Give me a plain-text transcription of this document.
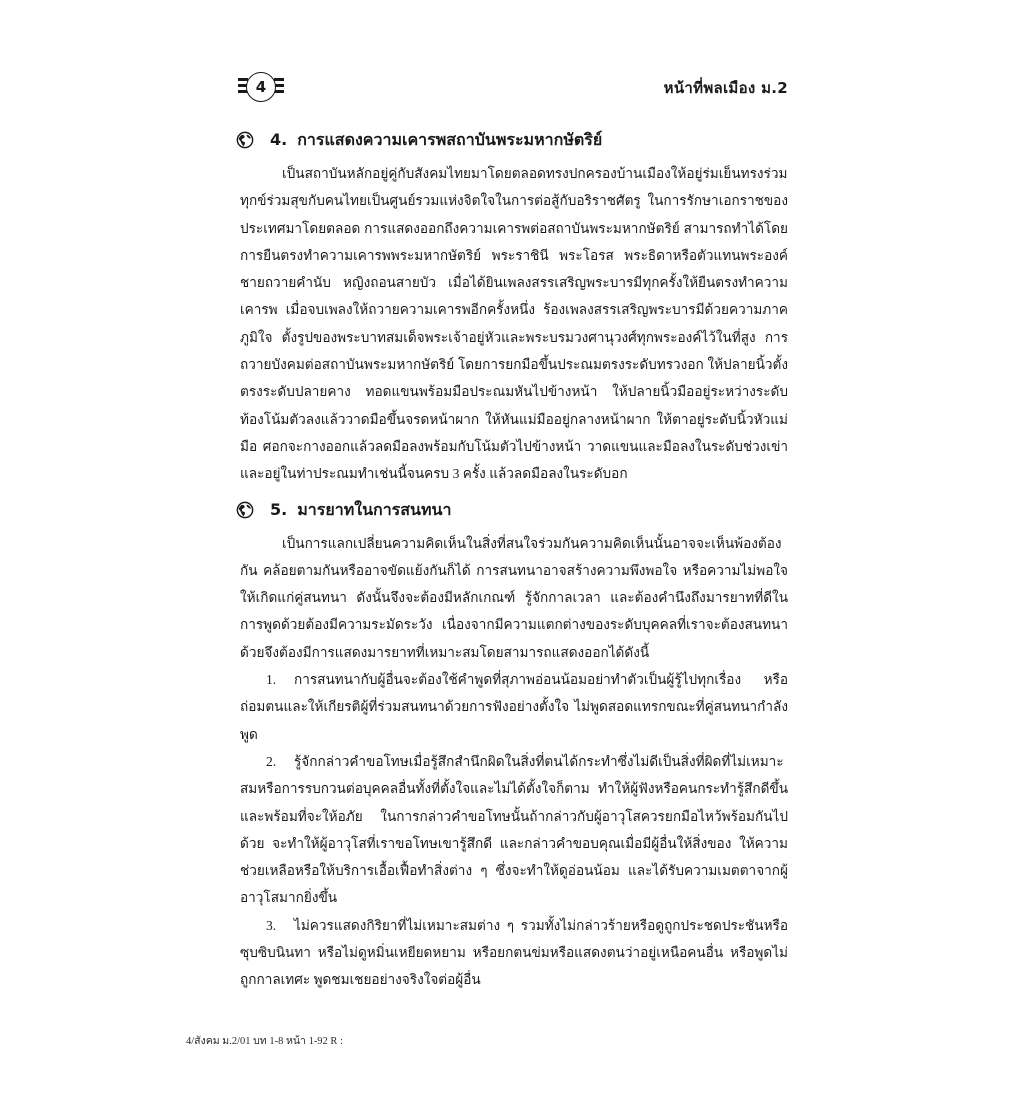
4	หน้าที่พลเมือง ม.2
4. การแสดงความเคารพสถาบันพระมหากษัตริย์

เป็นสถาบันหลักอยู่คู่กับสังคมไทยมาโดยตลอดทรงปกครองบ้านเมืองให้อยู่ร่มเย็นทรงร่วมทุกข์ร่วมสุขกับคนไทยเป็นศูนย์รวมแห่งจิตใจในการต่อสู้กับอริราชศัตรู ในการรักษาเอกราชของประเทศมาโดยตลอด การแสดงออกถึงความเคารพต่อสถาบันพระมหากษัตริย์ สามารถทำได้โดยการยืนตรงทำความเคารพพระมหากษัตริย์ พระราชินี พระโอรส พระธิดาหรือตัวแทนพระองค์ ชายถวายคำนับ หญิงถอนสายบัว เมื่อได้ยินเพลงสรรเสริญพระบารมีทุกครั้งให้ยืนตรงทำความเคารพ เมื่อจบเพลงให้ถวายความเคารพอีกครั้งหนึ่ง ร้องเพลงสรรเสริญพระบารมีด้วยความภาคภูมิใจ ตั้งรูปของพระบาทสมเด็จพระเจ้าอยู่หัวและพระบรมวงศานุวงศ์ทุกพระองค์ไว้ในที่สูง การถวายบังคมต่อสถาบันพระมหากษัตริย์ โดยการยกมือขึ้นประณมตรงระดับทรวงอก ให้ปลายนิ้วตั้งตรงระดับปลายคาง ทอดแขนพร้อมมือประณมหันไปข้างหน้า ให้ปลายนิ้วมืออยู่ระหว่างระดับท้องโน้มตัวลงแล้ววาดมือขึ้นจรดหน้าผาก ให้หันแม่มืออยู่กลางหน้าผาก ให้ตาอยู่ระดับนิ้วหัวแม่มือ ศอกจะกางออกแล้วลดมือลงพร้อมกับโน้มตัวไปข้างหน้า วาดแขนและมือลงในระดับช่วงเข่า และอยู่ในท่าประณมทำเช่นนี้จนครบ 3 ครั้ง แล้วลดมือลงในระดับอก

5. มารยาทในการสนทนา

เป็นการแลกเปลี่ยนความคิดเห็นในสิ่งที่สนใจร่วมกันความคิดเห็นนั้นอาจจะเห็นพ้องต้องกัน คล้อยตามกันหรืออาจขัดแย้งกันก็ได้ การสนทนาอาจสร้างความพึงพอใจ หรือความไม่พอใจให้เกิดแก่คู่สนทนา ดังนั้นจึงจะต้องมีหลักเกณฑ์ รู้จักกาลเวลา และต้องคำนึงถึงมารยาทที่ดีในการพูดด้วยต้องมีความระมัดระวัง เนื่องจากมีความแตกต่างของระดับบุคคลที่เราจะต้องสนทนาด้วยจึงต้องมีการแสดงมารยาทที่เหมาะสมโดยสามารถแสดงออกได้ดังนี้

1. การสนทนากับผู้อื่นจะต้องใช้คำพูดที่สุภาพอ่อนน้อมอย่าทำตัวเป็นผู้รู้ไปทุกเรื่อง หรือถ่อมตนและให้เกียรติผู้ที่ร่วมสนทนาด้วยการฟังอย่างตั้งใจ ไม่พูดสอดแทรกขณะที่คู่สนทนากำลังพูด

2. รู้จักกล่าวคำขอโทษเมื่อรู้สึกสำนึกผิดในสิ่งที่ตนได้กระทำซึ่งไม่ดีเป็นสิ่งที่ผิดที่ไม่เหมาะสมหรือการรบกวนต่อบุคคลอื่นทั้งที่ตั้งใจและไม่ได้ตั้งใจก็ตาม ทำให้ผู้ฟังหรือคนกระทำรู้สึกดีขึ้นและพร้อมที่จะให้อภัย ในการกล่าวคำขอโทษนั้นถ้ากล่าวกับผู้อาวุโสควรยกมือไหว้พร้อมกันไปด้วย จะทำให้ผู้อาวุโสที่เราขอโทษเขารู้สึกดี และกล่าวคำขอบคุณเมื่อมีผู้อื่นให้สิ่งของ ให้ความช่วยเหลือหรือให้บริการเอื้อเฟื้อทำสิ่งต่าง ๆ ซึ่งจะทำให้ดูอ่อนน้อม และได้รับความเมตตาจากผู้อาวุโสมากยิ่งขึ้น

3. ไม่ควรแสดงกิริยาที่ไม่เหมาะสมต่าง ๆ รวมทั้งไม่กล่าวร้ายหรือดูถูกประชดประชันหรือซุบซิบนินทา หรือไม่ดูหมิ่นเหยียดหยาม หรือยกตนข่มหรือแสดงตนว่าอยู่เหนือคนอื่น หรือพูดไม่ถูกกาลเทศะ พูดชมเชยอย่างจริงใจต่อผู้อื่น

4/สังคม ม.2/01 บท 1-8 หน้า 1-92 R :
